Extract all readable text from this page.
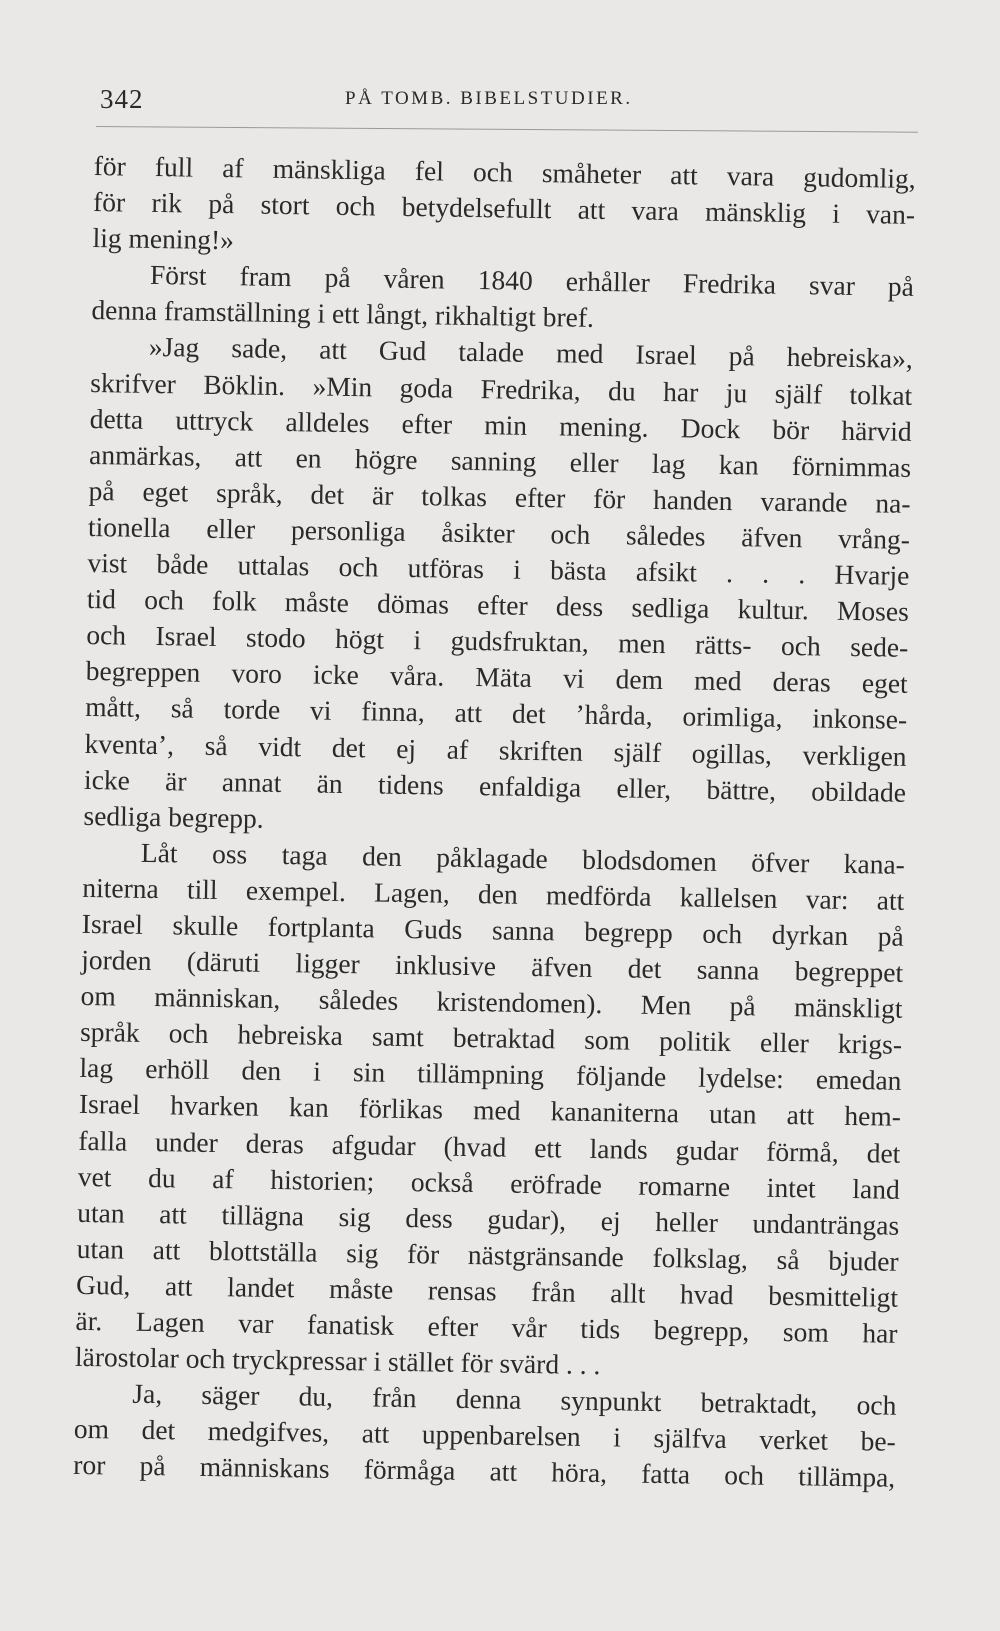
342	PÅ TOMB. BIBELSTUDIER.
för full af mänskliga fel och småheter att vara gudomlig,
för rik på stort och betydelsefullt att vara mänsklig i van-
lig mening!»
Först fram på våren 1840 erhåller Fredrika svar på
denna framställning i ett långt, rikhaltigt bref.
»Jag sade, att Gud talade med Israel på hebreiska»,
skrifver Böklin. »Min goda Fredrika, du har ju själf tolkat
detta uttryck alldeles efter min mening. Dock bör härvid
anmärkas, att en högre sanning eller lag kan förnimmas
på eget språk, det är tolkas efter för handen varande na-
tionella eller personliga åsikter och således äfven vrång-
vist både uttalas och utföras i bästa afsikt . . . Hvarje
tid och folk måste dömas efter dess sedliga kultur. Moses
och Israel stodo högt i gudsfruktan, men rätts- och sede-
begreppen voro icke våra. Mäta vi dem med deras eget
mått, så torde vi finna, att det ’hårda, orimliga, inkonse-
kventa’, så vidt det ej af skriften själf ogillas, verkligen
icke är annat än tidens enfaldiga eller, bättre, obildade
sedliga begrepp.
Låt oss taga den påklagade blodsdomen öfver kana-
niterna till exempel. Lagen, den medförda kallelsen var: att
Israel skulle fortplanta Guds sanna begrepp och dyrkan på
jorden (däruti ligger inklusive äfven det sanna begreppet
om människan, således kristendomen). Men på mänskligt
språk och hebreiska samt betraktad som politik eller krigs-
lag erhöll den i sin tillämpning följande lydelse: emedan
Israel hvarken kan förlikas med kananiterna utan att hem-
falla under deras afgudar (hvad ett lands gudar förmå, det
vet du af historien; också eröfrade romarne intet land
utan att tillägna sig dess gudar), ej heller undanträngas
utan att blottställa sig för nästgränsande folkslag, så bjuder
Gud, att landet måste rensas från allt hvad besmitteligt
är. Lagen var fanatisk efter vår tids begrepp, som har
lärostolar och tryckpressar i stället för svärd . . .
Ja, säger du, från denna synpunkt betraktadt, och
om det medgifves, att uppenbarelsen i själfva verket be-
ror på människans förmåga att höra, fatta och tillämpa,
